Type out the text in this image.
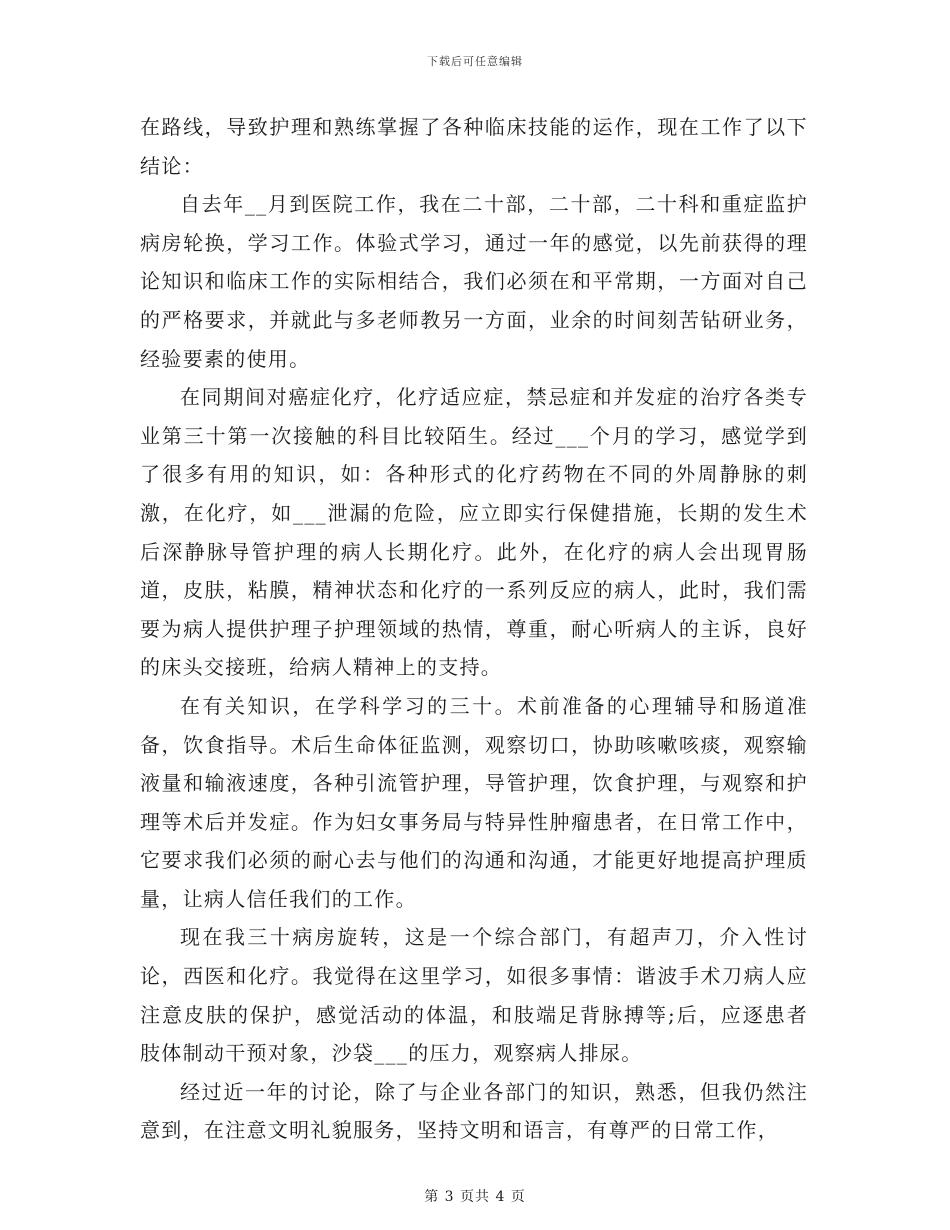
下载后可任意编辑

在路线，导致护理和熟练掌握了各种临床技能的运作，现在工作了以下结论：

自去年__月到医院工作，我在二十部，二十部，二十科和重症监护病房轮换，学习工作。体验式学习，通过一年的感觉，以先前获得的理论知识和临床工作的实际相结合，我们必须在和平常期，一方面对自己的严格要求，并就此与多老师教另一方面，业余的时间刻苦钻研业务，经验要素的使用。

在同期间对癌症化疗，化疗适应症，禁忌症和并发症的治疗各类专业第三十第一次接触的科目比较陌生。经过___个月的学习，感觉学到了很多有用的知识，如：各种形式的化疗药物在不同的外周静脉的刺激，在化疗，如___泄漏的危险，应立即实行保健措施，长期的发生术后深静脉导管护理的病人长期化疗。此外，在化疗的病人会出现胃肠道，皮肤，粘膜，精神状态和化疗的一系列反应的病人，此时，我们需要为病人提供护理子护理领域的热情，尊重，耐心听病人的主诉，良好的床头交接班，给病人精神上的支持。

在有关知识，在学科学习的三十。术前准备的心理辅导和肠道准备，饮食指导。术后生命体征监测，观察切口，协助咳嗽咳痰，观察输液量和输液速度，各种引流管护理，导管护理，饮食护理，与观察和护理等术后并发症。作为妇女事务局与特异性肿瘤患者，在日常工作中，它要求我们必须的耐心去与他们的沟通和沟通，才能更好地提高护理质量，让病人信任我们的工作。

现在我三十病房旋转，这是一个综合部门，有超声刀，介入性讨论，西医和化疗。我觉得在这里学习，如很多事情：谐波手术刀病人应注意皮肤的保护，感觉活动的体温，和肢端足背脉搏等;后，应逐患者肢体制动干预对象，沙袋___的压力，观察病人排尿。

经过近一年的讨论，除了与企业各部门的知识，熟悉，但我仍然注意到，在注意文明礼貌服务，坚持文明和语言，有尊严的日常工作，

第 3 页共 4 页
